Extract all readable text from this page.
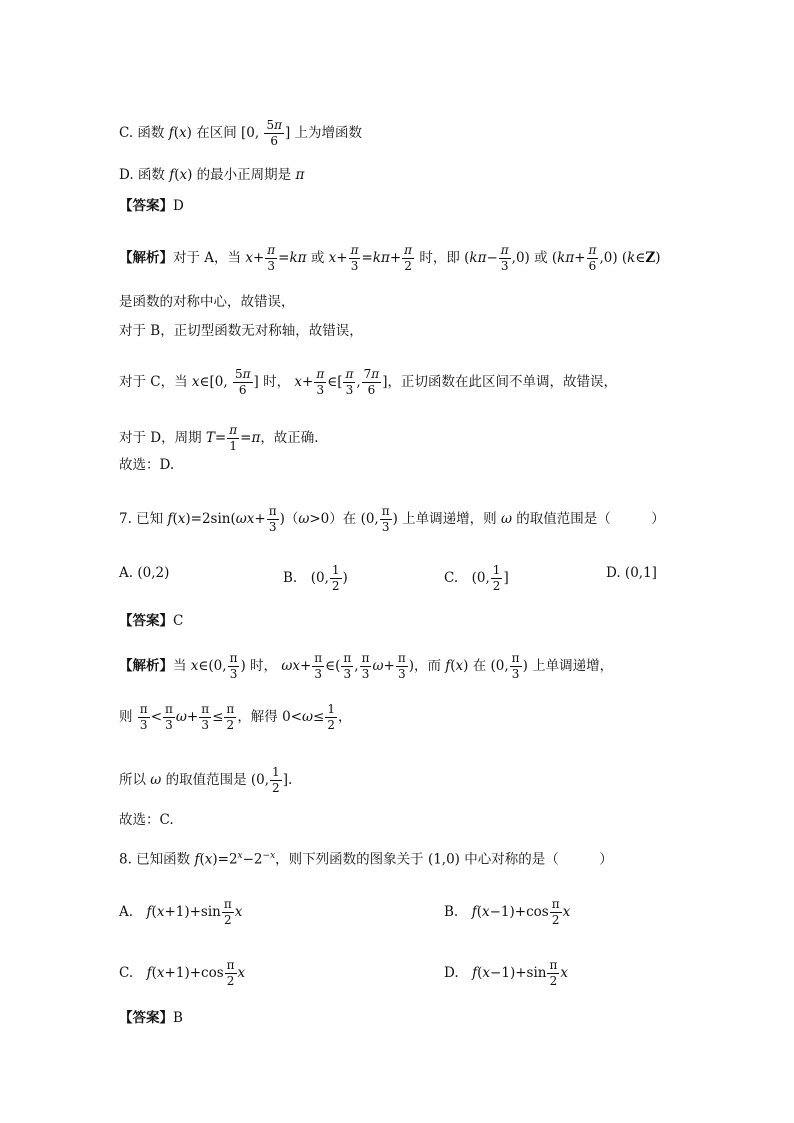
C. 函数 f(x) 在区间 [0, $\frac{5\pi}{6}$ ] 上为增函数
D. 函数 f(x) 的最小正周期是 π
【答案】D
【解析】对于 A，当 $x+ \frac{\pi}{3} =k\pi$ 或 $x+ \frac{\pi}{3} =k\pi+ \frac{\pi}{2}$ 时，即 $(k\pi- \frac{\pi}{3} ,0)$ 或 $(k\pi+ \frac{\pi}{6} ,0)$ (k∈Z)
是函数的对称中心，故错误，
对于 B，正切型函数无对称轴，故错误，
对于 C，当 x∈[0, $\frac{5\pi}{6}$ ] 时， $x+ \frac{\pi}{3}$ ∈[ $\frac{\pi}{3}$ , $\frac{7\pi}{6}$ ]，正切函数在此区间不单调，故错误，
对于 D，周期 $T= \frac{\pi}{1} =\pi$，故正确.
故选：D.
7. 已知 $f(x)=2\sin(\omega x+ \frac{\pi}{3} )(\omega>0)$在 (0, $\frac{\pi}{3}$ ) 上单调递增，则 ω 的取值范围是（　　　）
A. (0,2)	B.　(0, $\frac{1}{2}$ )	C.　(0, $\frac{1}{2}$ ]	D. (0,1]
【答案】C
【解析】当 x∈(0, $\frac{\pi}{3}$ ) 时， $\omega x+ \frac{\pi}{3}$ ∈( $\frac{\pi}{3}$ , $\frac{\pi}{3} \omega+ \frac{\pi}{3}$ )，而 f(x) 在 (0, $\frac{\pi}{3}$ ) 上单调递增，
则 $\frac{\pi}{3} < \frac{\pi}{3} \omega+ \frac{\pi}{3} \le \frac{\pi}{2}$ ，解得 $0<\omega\le \frac{1}{2}$ ，
所以 ω 的取值范围是 (0, $\frac{1}{2}$ ].
故选：C.
8. 已知函数 $f(x)=2^x-2^{-x}$，则下列函数的图象关于 (1,0) 中心对称的是（　　　）
A.　$f(x+1)+\sin \frac{\pi}{2}$ x	B.　$f(x-1)+\cos \frac{\pi}{2}$ x
C.　$f(x+1)+\cos \frac{\pi}{2}$ x	D.　$f(x-1)+\sin \frac{\pi}{2}$ x
【答案】B
